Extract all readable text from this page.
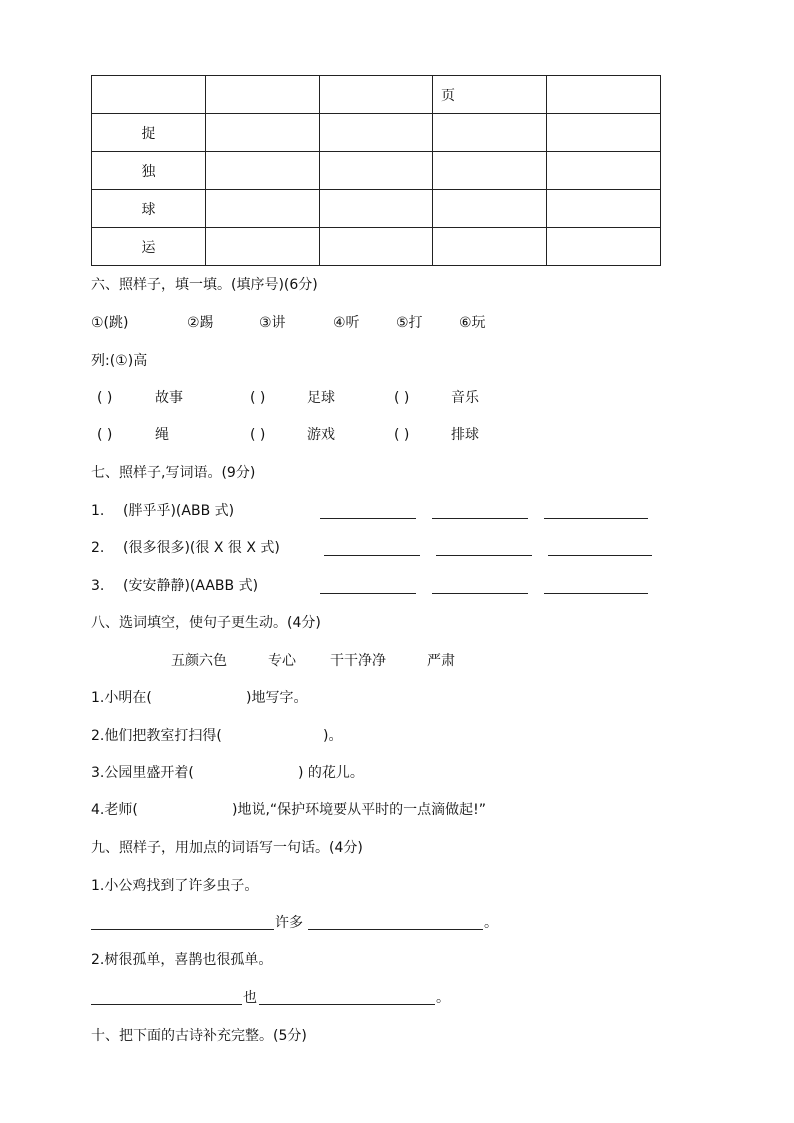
			页	
捉				
独				
球				
运				
六、照样子，填一填。(填序号)(6分)
①(跳)	②踢	③讲	④听	⑤打	⑥玩
列:(①)高
( )	故事	( )	足球	( )	音乐
( )	绳	( )	游戏	( )	排球
七、照样子,写词语。(9分)
1. (胖乎乎)(ABB 式)
2. (很多很多)(很 X 很 X 式)
3. (安安静静)(AABB 式)
八、选词填空，使句子更生动。(4分)
五颜六色	专心 干干净净	严肃
1.小明在(	)地写字。
2.他们把教室打扫得(	)。
3.公园里盛开着(	) 的花儿。
4.老师(	)地说,“保护环境要从平时的一点滴做起!”
九、照样子，用加点的词语写一句话。(4分)
1.小公鸡找到了许多虫子。
许多	。
2.树很孤单，喜鹊也很孤单。
也	。
十、把下面的古诗补充完整。(5分)
